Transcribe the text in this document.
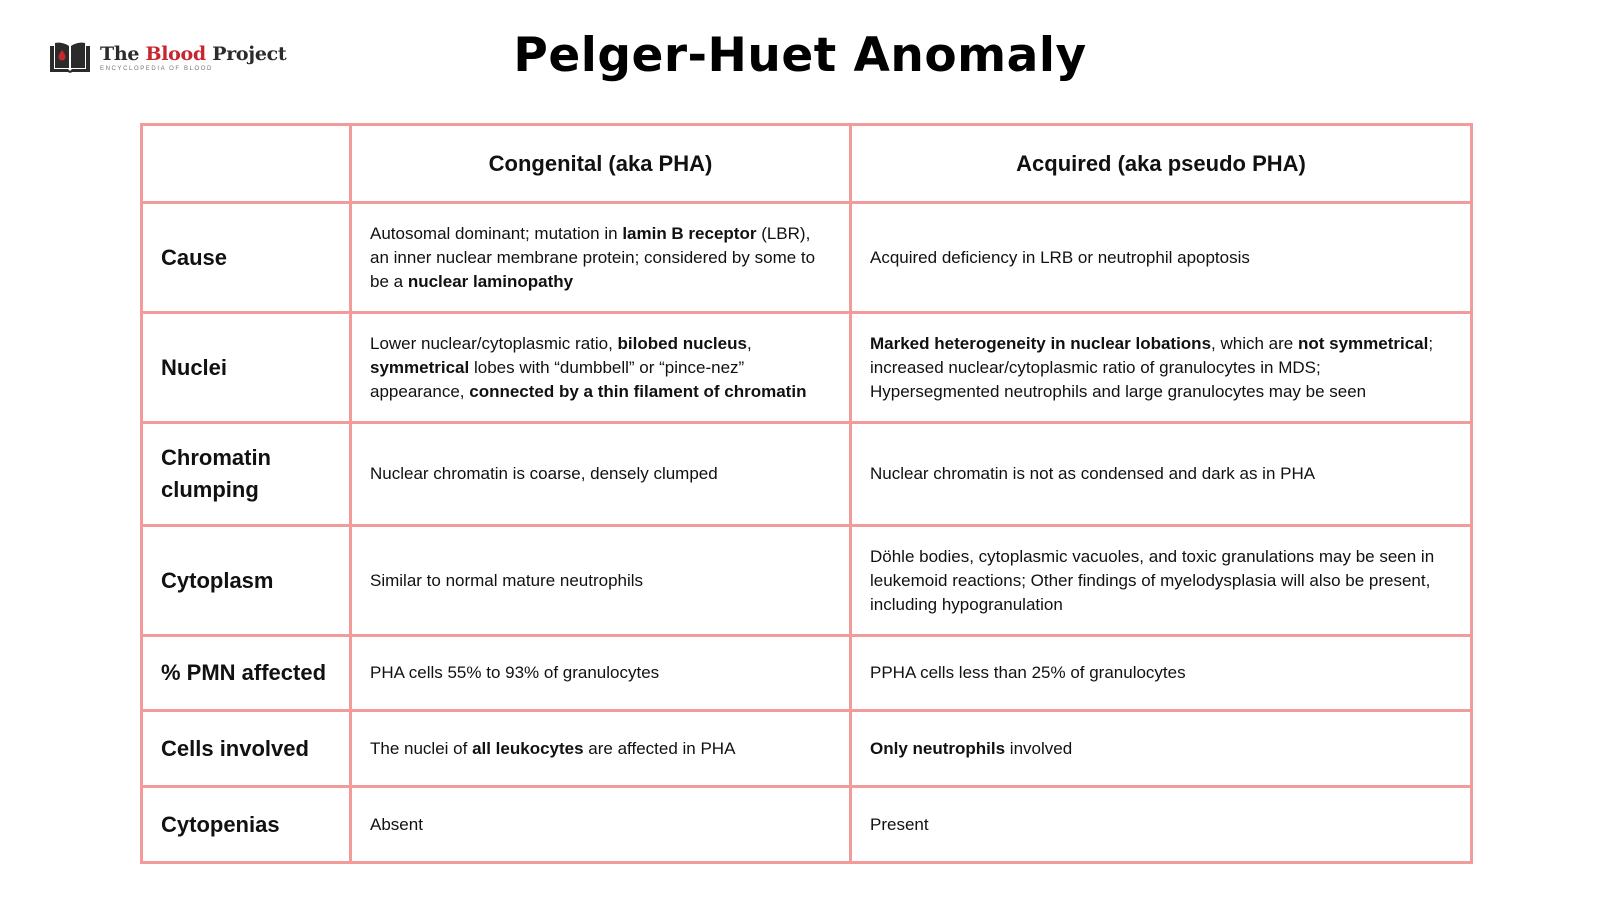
The Blood Project
ENCYCLOPEDIA OF BLOOD	Pelger-Huet Anomaly
	Congenital (aka PHA)	Acquired (aka pseudo PHA)
Cause	Autosomal dominant; mutation in lamin B receptor (LBR), an inner nuclear membrane protein; considered by some to be a nuclear laminopathy	Acquired deficiency in LRB or neutrophil apoptosis
Nuclei	Lower nuclear/cytoplasmic ratio, bilobed nucleus, symmetrical lobes with “dumbbell” or “pince-nez” appearance, connected by a thin filament of chromatin	Marked heterogeneity in nuclear lobations, which are not symmetrical; increased nuclear/cytoplasmic ratio of granulocytes in MDS; Hypersegmented neutrophils and large granulocytes may be seen
Chromatin clumping	Nuclear chromatin is coarse, densely clumped	Nuclear chromatin is not as condensed and dark as in PHA
Cytoplasm	Similar to normal mature neutrophils	Döhle bodies, cytoplasmic vacuoles, and toxic granulations may be seen in leukemoid reactions; Other findings of myelodysplasia will also be present, including hypogranulation
% PMN affected	PHA cells 55% to 93% of granulocytes	PPHA cells less than 25% of granulocytes
Cells involved	The nuclei of all leukocytes are affected in PHA	Only neutrophils involved
Cytopenias	Absent	Present
